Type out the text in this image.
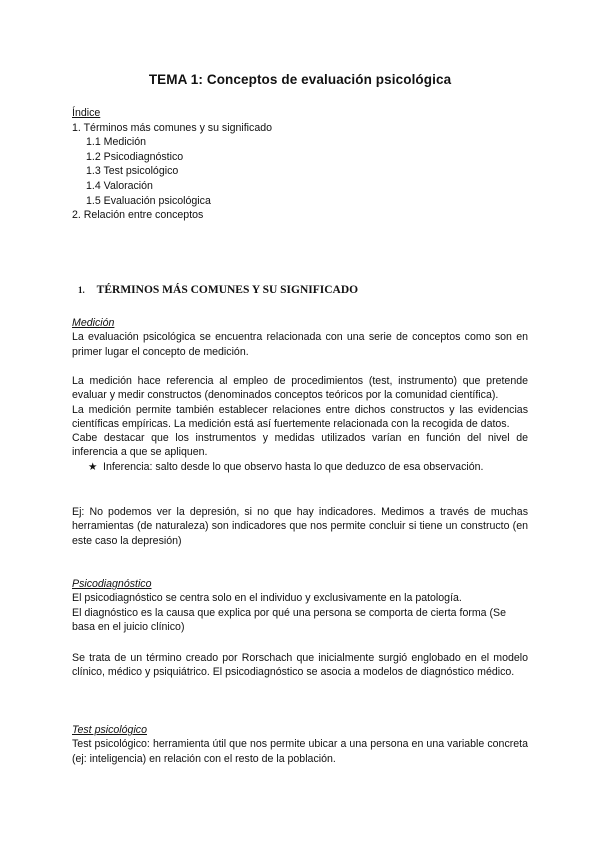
TEMA 1: Conceptos de evaluación psicológica
Índice
1. Términos más comunes y su significado
1.1 Medición
1.2 Psicodiagnóstico
1.3 Test psicológico
1.4 Valoración
1.5 Evaluación psicológica
2. Relación entre conceptos
1. TÉRMINOS MÁS COMUNES Y SU SIGNIFICADO
Medición
La evaluación psicológica se encuentra relacionada con una serie de conceptos como son en primer lugar el concepto de medición.
La medición hace referencia al empleo de procedimientos (test, instrumento) que pretende evaluar y medir constructos (denominados conceptos teóricos por la comunidad científica).
La medición permite también establecer relaciones entre dichos constructos y las evidencias científicas empíricas. La medición está así fuertemente relacionada con la recogida de datos.
Cabe destacar que los instrumentos y medidas utilizados varían en función del nivel de inferencia a que se apliquen.
★ Inferencia: salto desde lo que observo hasta lo que deduzco de esa observación.
Ej: No podemos ver la depresión, si no que hay indicadores. Medimos a través de muchas herramientas (de naturaleza) son indicadores que nos permite concluir si tiene un constructo (en este caso la depresión)
Psicodiagnóstico
El psicodiagnóstico se centra solo en el individuo y exclusivamente en la patología.
El diagnóstico es la causa que explica por qué una persona se comporta de cierta forma (Se basa en el juicio clínico)
Se trata de un término creado por Rorschach que inicialmente surgió englobado en el modelo clínico, médico y psiquiátrico. El psicodiagnóstico se asocia a modelos de diagnóstico médico.
Test psicológico
Test psicológico: herramienta útil que nos permite ubicar a una persona en una variable concreta (ej: inteligencia) en relación con el resto de la población.
